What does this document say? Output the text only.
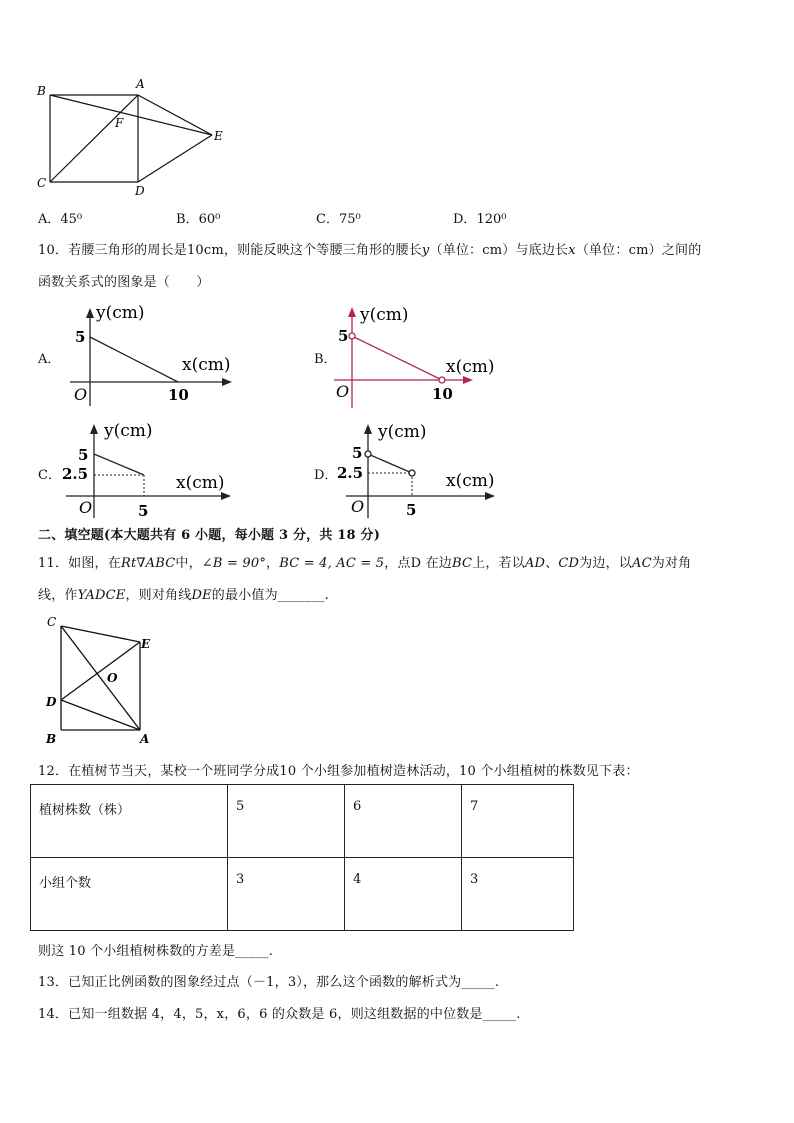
B	A
F
E
C
D
A．45⁰	B．60⁰	C．75⁰	D．120⁰
10．若腰三角形的周长是10cm，则能反映这个等腰三角形的腰长y（单位：cm）与底边长x（单位：cm）之间的
函数关系式的图象是（　　）
A．
y(cm)
x(cm)
5
10
O
B．
y(cm)
x(cm)
5
10
O
C．
y(cm)
x(cm)
5
2.5
5
O
D．
y(cm)
x(cm)
5
2.5
5
O
二、填空题(本大题共有 6 小题，每小题 3 分，共 18 分)
11．如图，在Rt∇ABC中，∠B = 90°，BC = 4, AC = 5，点D 在边BC上，若以AD、CD为边，以AC为对角
线，作YADCE，则对角线DE的最小值为_______.
C
E
O
D
B	A
12．在植树节当天，某校一个班同学分成10 个小组参加植树造林活动，10 个小组植树的株数见下表：
植树株数（株）	5	6	7
小组个数	3	4	3
则这 10 个小组植树株数的方差是_____.
13．已知正比例函数的图象经过点（－1，3），那么这个函数的解析式为_____.
14．已知一组数据 4，4，5，x，6，6 的众数是 6，则这组数据的中位数是_____.
